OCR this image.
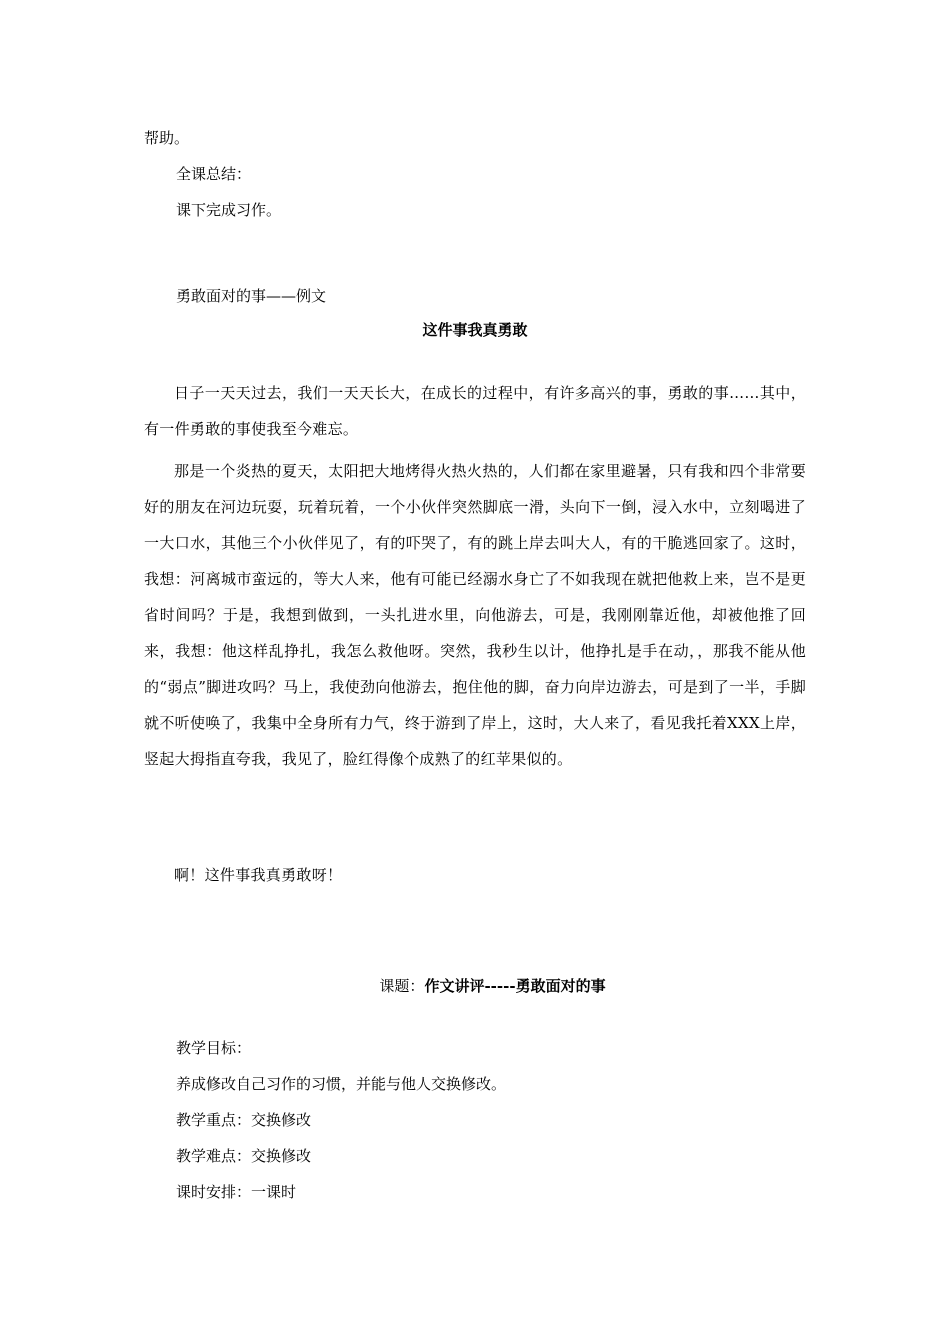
帮助。
全课总结：
课下完成习作。
勇敢面对的事——例文
这件事我真勇敢
日子一天天过去，我们一天天长大，在成长的过程中，有许多高兴的事，勇敢的事……其中，有一件勇敢的事使我至今难忘。
那是一个炎热的夏天，太阳把大地烤得火热火热的，人们都在家里避暑，只有我和四个非常要好的朋友在河边玩耍，玩着玩着，一个小伙伴突然脚底一滑，头向下一倒，浸入水中，立刻喝进了一大口水，其他三个小伙伴见了，有的吓哭了，有的跳上岸去叫大人，有的干脆逃回家了。这时，我想：河离城市蛮远的，等大人来，他有可能已经溺水身亡了不如我现在就把他救上来，岂不是更省时间吗？于是，我想到做到，一头扎进水里，向他游去，可是，我刚刚靠近他，却被他推了回来，我想：他这样乱挣扎，我怎么救他呀。突然，我秒生以计，他挣扎是手在动，，那我不能从他的“弱点”脚进攻吗？马上，我使劲向他游去，抱住他的脚，奋力向岸边游去，可是到了一半，手脚就不听使唤了，我集中全身所有力气，终于游到了岸上，这时，大人来了，看见我托着XXX上岸，竖起大拇指直夸我，我见了，脸红得像个成熟了的红苹果似的。
啊！这件事我真勇敢呀！
课题：作文讲评-----勇敢面对的事
教学目标：
养成修改自己习作的习惯，并能与他人交换修改。
教学重点：交换修改
教学难点：交换修改
课时安排：一课时
